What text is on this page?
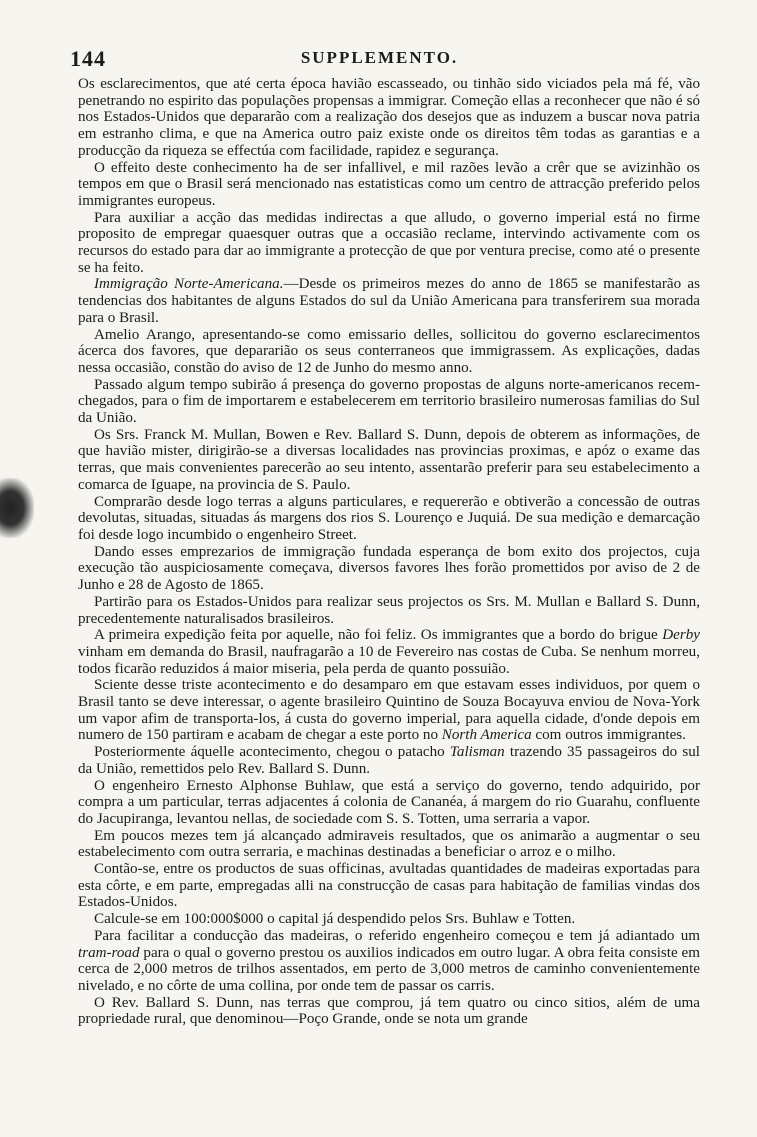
144	SUPPLEMENTO.

Os esclarecimentos, que até certa época havião escasseado, ou tinhão sido viciados pela má fé, vão penetrando no espirito das populações propensas a immigrar. Começão ellas a reconhecer que não é só nos Estados-Unidos que depararão com a realização dos desejos que as induzem a buscar nova patria em estranho clima, e que na America outro paiz existe onde os direitos têm todas as garantias e a producção da riqueza se effectúa com facilidade, rapidez e segurança.

O effeito deste conhecimento ha de ser infallivel, e mil razões levão a crêr que se avizinhão os tempos em que o Brasil será mencionado nas estatisticas como um centro de attracção preferido pelos immigrantes europeus.

Para auxiliar a acção das medidas indirectas a que alludo, o governo imperial está no firme proposito de empregar quaesquer outras que a occasião reclame, intervindo activamente com os recursos do estado para dar ao immigrante a protecção de que por ventura precise, como até o presente se ha feito.

Immigração Norte-Americana.—Desde os primeiros mezes do anno de 1865 se manifestarão as tendencias dos habitantes de alguns Estados do sul da União Americana para transferirem sua morada para o Brasil.

Amelio Arango, apresentando-se como emissario delles, sollicitou do governo esclarecimentos ácerca dos favores, que depararião os seus conterraneos que immigrassem. As explicações, dadas nessa occasião, constão do aviso de 12 de Junho do mesmo anno.

Passado algum tempo subirão á presença do governo propostas de alguns norte-americanos recem-chegados, para o fim de importarem e estabelecerem em territorio brasileiro numerosas familias do Sul da União.

Os Srs. Franck M. Mullan, Bowen e Rev. Ballard S. Dunn, depois de obterem as informações, de que havião mister, dirigirão-se a diversas localidades nas provincias proximas, e apóz o exame das terras, que mais convenientes parecerão ao seu intento, assentarão preferir para seu estabelecimento a comarca de Iguape, na provincia de S. Paulo.

Comprarão desde logo terras a alguns particulares, e requererão e obtiverão a concessão de outras devolutas, situadas, situadas ás margens dos rios S. Lourenço e Juquiá. De sua medição e demarcação foi desde logo incumbido o engenheiro Street.

Dando esses emprezarios de immigração fundada esperança de bom exito dos projectos, cuja execução tão auspiciosamente começava, diversos favores lhes forão promettidos por aviso de 2 de Junho e 28 de Agosto de 1865.

Partirão para os Estados-Unidos para realizar seus projectos os Srs. M. Mullan e Ballard S. Dunn, precedentemente naturalisados brasileiros.

A primeira expedição feita por aquelle, não foi feliz. Os immigrantes que a bordo do brigue Derby vinham em demanda do Brasil, naufragarão a 10 de Fevereiro nas costas de Cuba. Se nenhum morreu, todos ficarão reduzidos á maior miseria, pela perda de quanto possuião.

Sciente desse triste acontecimento e do desamparo em que estavam esses individuos, por quem o Brasil tanto se deve interessar, o agente brasileiro Quintino de Souza Bocayuva enviou de Nova-York um vapor afim de transporta-los, á custa do governo imperial, para aquella cidade, d'onde depois em numero de 150 partiram e acabam de chegar a este porto no North America com outros immigrantes.

Posteriormente áquelle acontecimento, chegou o patacho Talisman trazendo 35 passageiros do sul da União, remettidos pelo Rev. Ballard S. Dunn.

O engenheiro Ernesto Alphonse Buhlaw, que está a serviço do governo, tendo adquirido, por compra a um particular, terras adjacentes á colonia de Cananéa, á margem do rio Guarahu, confluente do Jacupiranga, levantou nellas, de sociedade com S. S. Totten, uma serraria a vapor.

Em poucos mezes tem já alcançado admiraveis resultados, que os animarão a augmentar o seu estabelecimento com outra serraria, e machinas destinadas a beneficiar o arroz e o milho.

Contão-se, entre os productos de suas officinas, avultadas quantidades de madeiras exportadas para esta côrte, e em parte, empregadas alli na construcção de casas para habitação de familias vindas dos Estados-Unidos.

Calcule-se em 100:000$000 o capital já despendido pelos Srs. Buhlaw e Totten.

Para facilitar a conducção das madeiras, o referido engenheiro começou e tem já adiantado um tram-road para o qual o governo prestou os auxilios indicados em outro lugar. A obra feita consiste em cerca de 2,000 metros de trilhos assentados, em perto de 3,000 metros de caminho convenientemente nivelado, e no côrte de uma collina, por onde tem de passar os carris.

O Rev. Ballard S. Dunn, nas terras que comprou, já tem quatro ou cinco sitios, além de uma propriedade rural, que denominou—Poço Grande, onde se nota um grande
